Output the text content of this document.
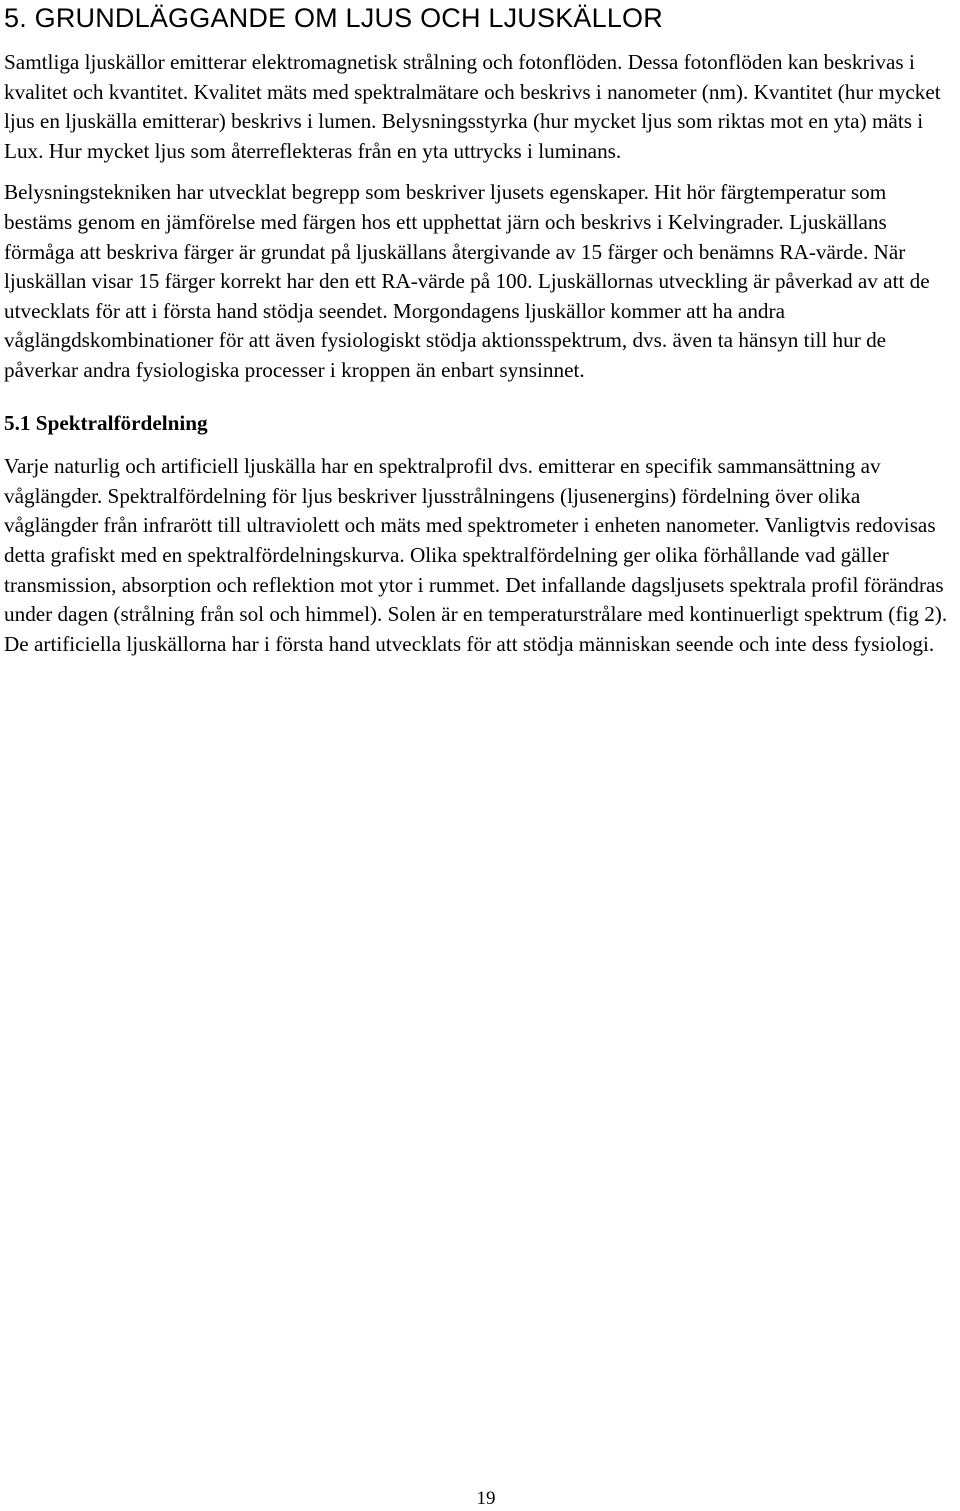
5. GRUNDLÄGGANDE OM LJUS OCH LJUSKÄLLOR

Samtliga ljuskällor emitterar elektromagnetisk strålning och fotonflöden. Dessa fotonflöden kan beskrivas i kvalitet och kvantitet. Kvalitet mäts med spektralmätare och beskrivs i nanometer (nm). Kvantitet (hur mycket ljus en ljuskälla emitterar) beskrivs i lumen. Belysningsstyrka (hur mycket ljus som riktas mot en yta) mäts i Lux. Hur mycket ljus som återreflekteras från en yta uttrycks i luminans.

Belysningstekniken har utvecklat begrepp som beskriver ljusets egenskaper. Hit hör färgtemperatur som bestäms genom en jämförelse med färgen hos ett upphettat järn och beskrivs i Kelvingrader. Ljuskällans förmåga att beskriva färger är grundat på ljuskällans återgivande av 15 färger och benämns RA-värde. När ljuskällan visar 15 färger korrekt har den ett RA-värde på 100. Ljuskällornas utveckling är påverkad av att de utvecklats för att i första hand stödja seendet. Morgondagens ljuskällor kommer att ha andra våglängdskombinationer för att även fysiologiskt stödja aktionsspektrum, dvs. även ta hänsyn till hur de påverkar andra fysiologiska processer i kroppen än enbart synsinnet.

5.1 Spektralfördelning

Varje naturlig och artificiell ljuskälla har en spektralprofil dvs. emitterar en specifik sammansättning av våglängder. Spektralfördelning för ljus beskriver ljusstrålningens (ljusenergins) fördelning över olika våglängder från infrarött till ultraviolett och mäts med spektrometer i enheten nanometer. Vanligtvis redovisas detta grafiskt med en spektralfördelningskurva. Olika spektralfördelning ger olika förhållande vad gäller transmission, absorption och reflektion mot ytor i rummet. Det infallande dagsljusets spektrala profil förändras under dagen (strålning från sol och himmel). Solen är en temperaturstrålare med kontinuerligt spektrum (fig 2). De artificiella ljuskällorna har i första hand utvecklats för att stödja människan seende och inte dess fysiologi.

19
